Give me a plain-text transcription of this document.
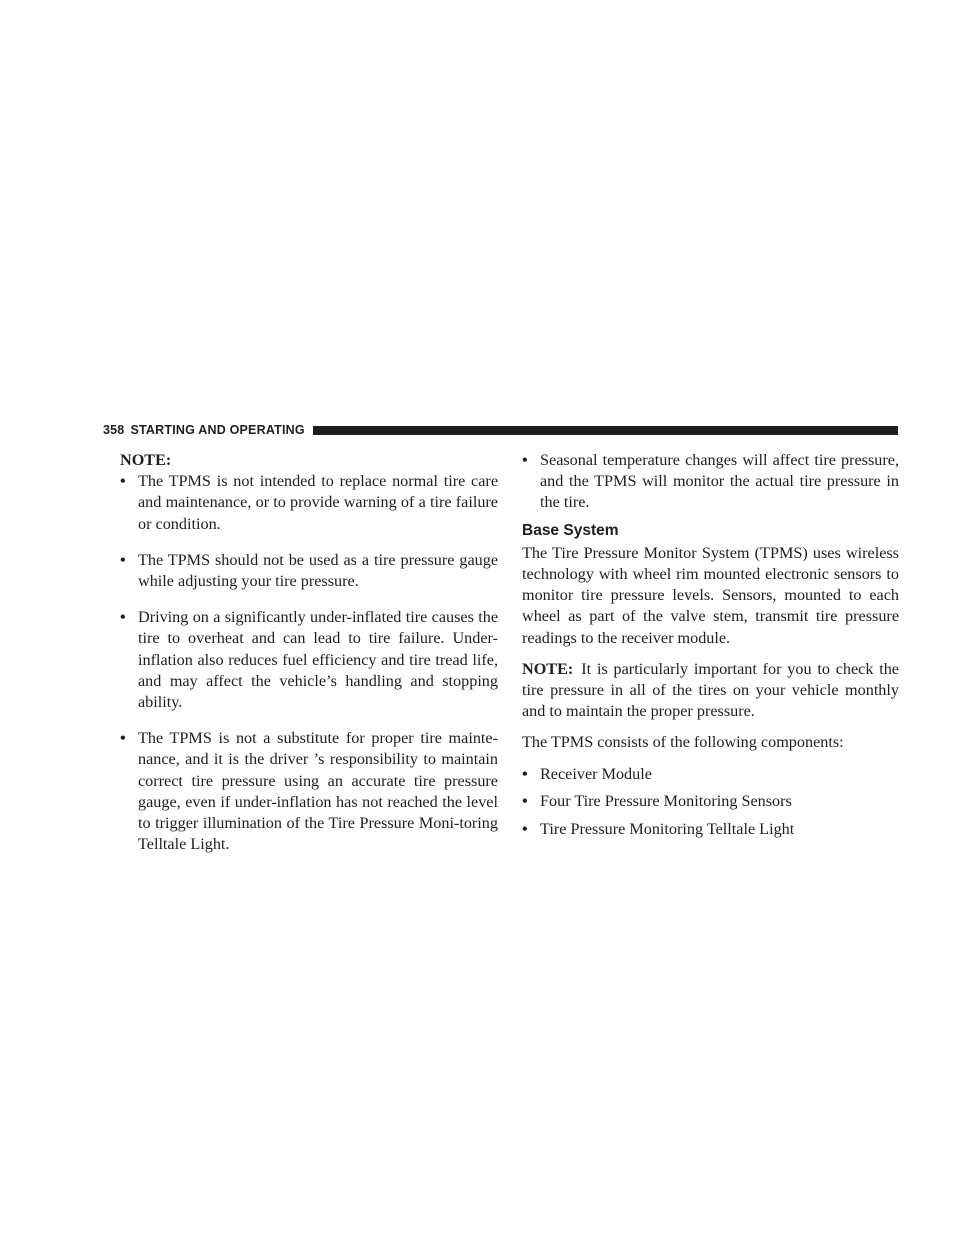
358 STARTING AND OPERATING

NOTE:

• The TPMS is not intended to replace normal tire care and maintenance, or to provide warning of a tire failure or condition.
• The TPMS should not be used as a tire pressure gauge while adjusting your tire pressure.
• Driving on a significantly under-inflated tire causes the tire to overheat and can lead to tire failure. Under-inflation also reduces fuel efficiency and tire tread life, and may affect the vehicle’s handling and stopping ability.
• The TPMS is not a substitute for proper tire mainte-nance, and it is the driver ’s responsibility to maintain correct tire pressure using an accurate tire pressure gauge, even if under-inflation has not reached the level to trigger illumination of the Tire Pressure Moni-toring Telltale Light.
• Seasonal temperature changes will affect tire pressure, and the TPMS will monitor the actual tire pressure in the tire.
Base System

The Tire Pressure Monitor System (TPMS) uses wireless technology with wheel rim mounted electronic sensors to monitor tire pressure levels. Sensors, mounted to each wheel as part of the valve stem, transmit tire pressure readings to the receiver module.

NOTE: It is particularly important for you to check the tire pressure in all of the tires on your vehicle monthly and to maintain the proper pressure.

The TPMS consists of the following components:

• Receiver Module
• Four Tire Pressure Monitoring Sensors
• Tire Pressure Monitoring Telltale Light
